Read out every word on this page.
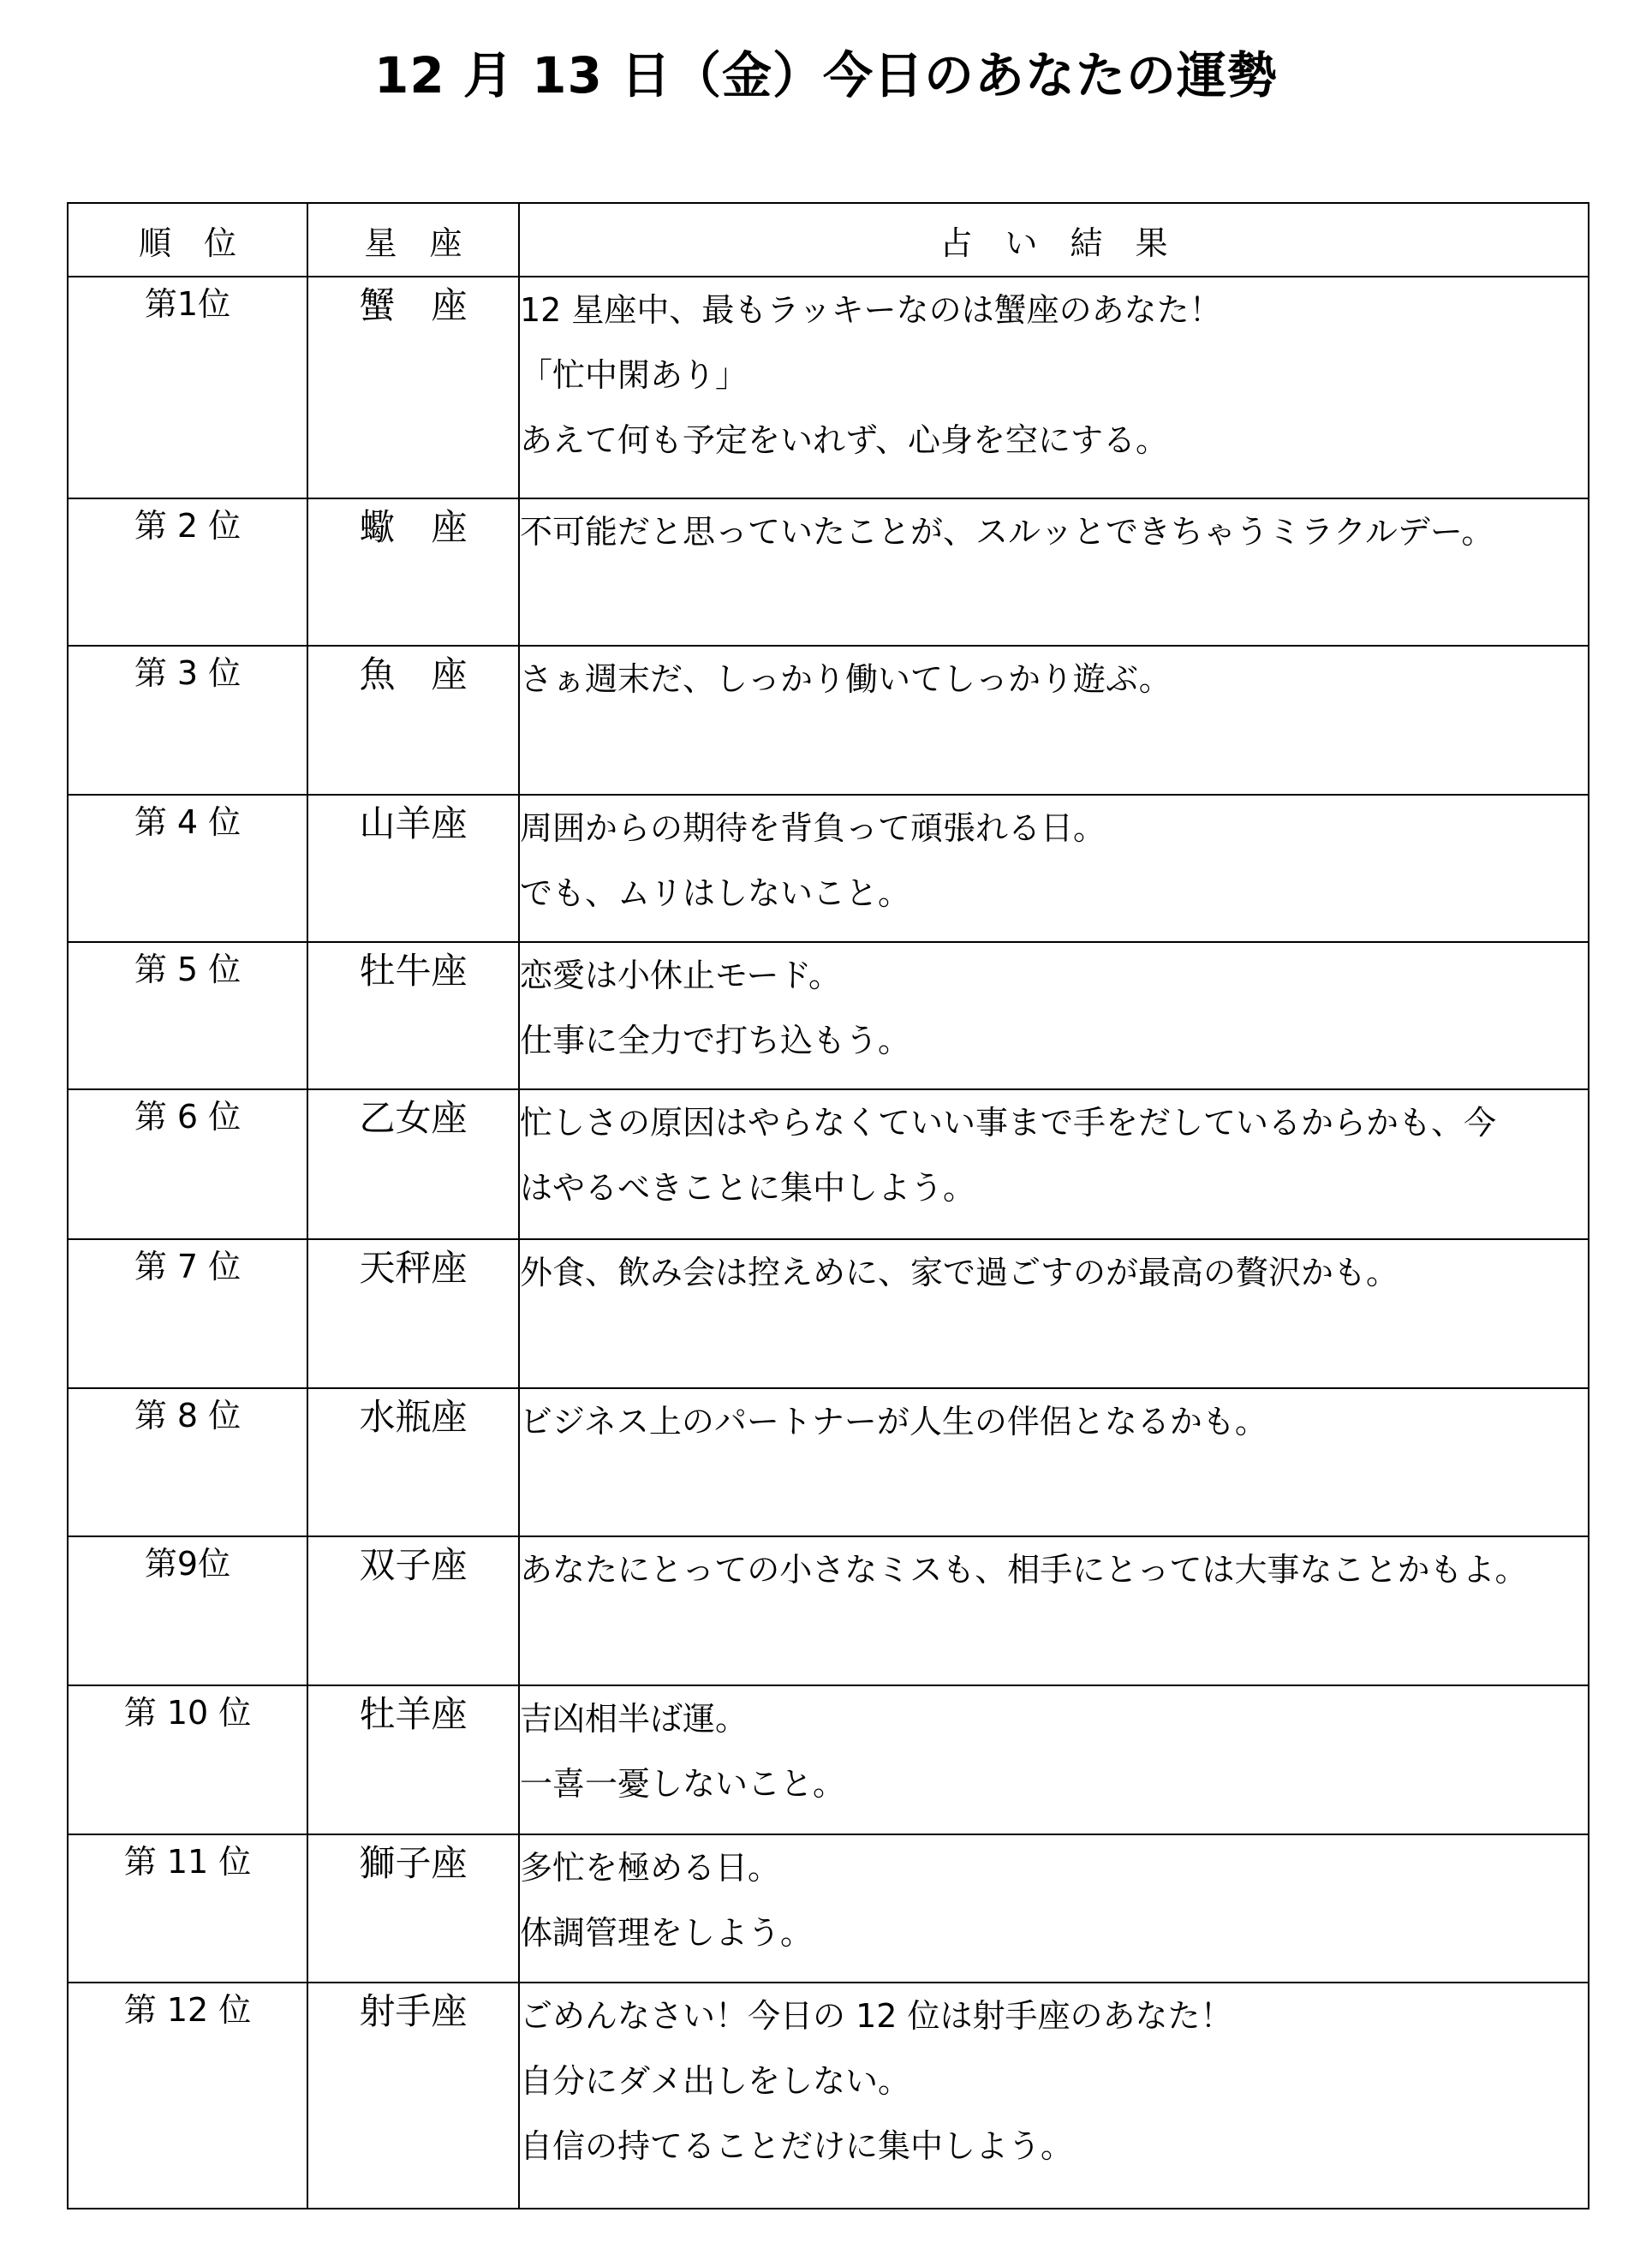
12 月 13 日（金）今日のあなたの運勢
順　位	星　座	占　い　結　果
第1位	蟹　座	12 星座中、最もラッキーなのは蟹座のあなた！
「忙中閑あり」
あえて何も予定をいれず、心身を空にする。

第 2 位	蠍　座	不可能だと思っていたことが、スルッとできちゃうミラクルデー。

第 3 位	魚　座	さぁ週末だ、しっかり働いてしっかり遊ぶ。

第 4 位	山羊座	周囲からの期待を背負って頑張れる日。
でも、ムリはしないこと。

第 5 位	牡牛座	恋愛は小休止モード。
仕事に全力で打ち込もう。

第 6 位	乙女座	忙しさの原因はやらなくていい事まで手をだしているからかも、今
はやるべきことに集中しよう。

第 7 位	天秤座	外食、飲み会は控えめに、家で過ごすのが最高の贅沢かも。

第 8 位	水瓶座	ビジネス上のパートナーが人生の伴侶となるかも。

第9位	双子座	あなたにとっての小さなミスも、相手にとっては大事なことかもよ。

第 10 位	牡羊座	吉凶相半ば運。
一喜一憂しないこと。

第 11 位	獅子座	多忙を極める日。
体調管理をしよう。

第 12 位	射手座	ごめんなさい！今日の 12 位は射手座のあなた！
自分にダメ出しをしない。
自信の持てることだけに集中しよう。
